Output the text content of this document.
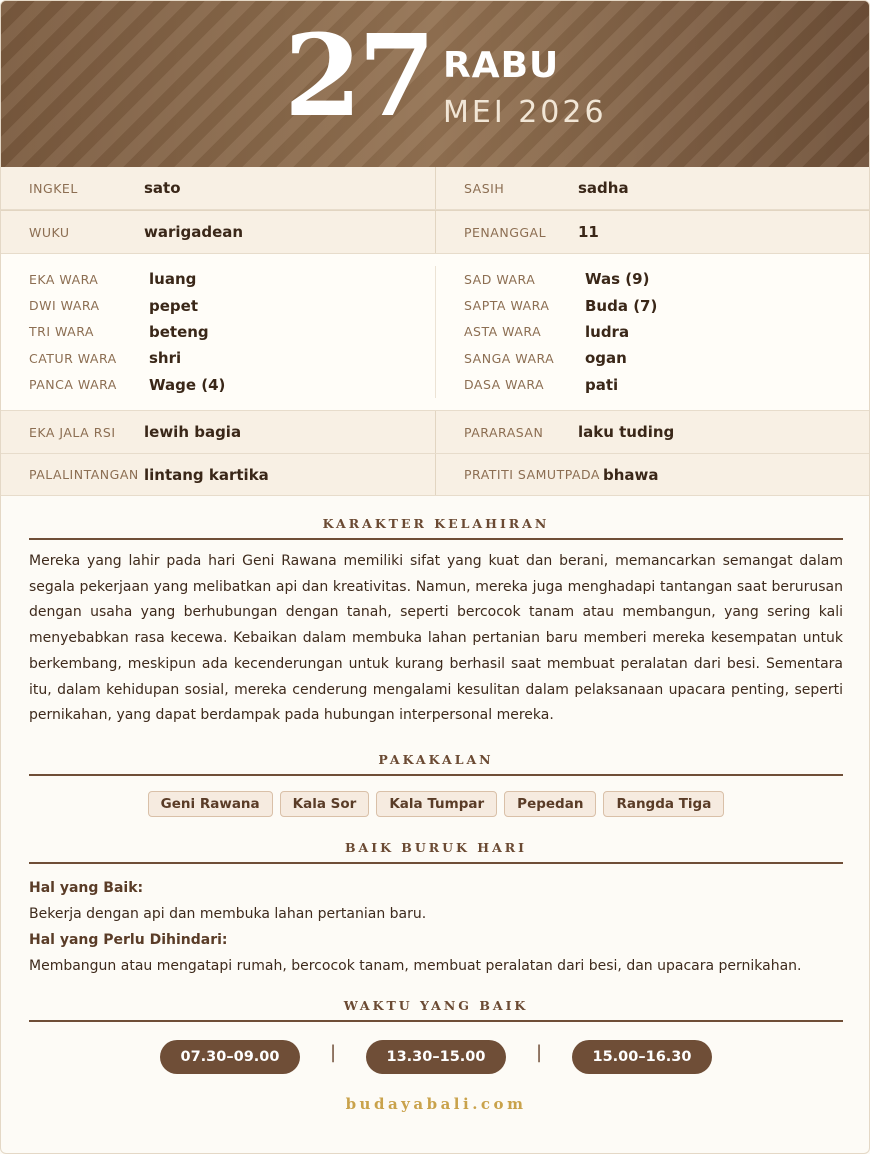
27 RABU
MEI 2026
INGKEL	sato	SASIH	sadha
WUKU	warigadean	PENANGGAL	11
EKA WARA	luang
DWI WARA	pepet
TRI WARA	beteng
CATUR WARA	shri
PANCA WARA	Wage (4)
SAD WARA	Was (9)
SAPTA WARA	Buda (7)
ASTA WARA	ludra
SANGA WARA	ogan
DASA WARA	pati
EKA JALA RSI	lewih bagia	PARARASAN	laku tuding
PALALINTANGAN lintang kartika	PRATITI SAMUTPADA bhawa
KARAKTER KELAHIRAN

Mereka yang lahir pada hari Geni Rawana memiliki sifat yang kuat dan berani, memancarkan semangat dalam segala pekerjaan yang melibatkan api dan kreativitas. Namun, mereka juga menghadapi tantangan saat berurusan dengan usaha yang berhubungan dengan tanah, seperti bercocok tanam atau membangun, yang sering kali menyebabkan rasa kecewa. Kebaikan dalam membuka lahan pertanian baru memberi mereka kesempatan untuk berkembang, meskipun ada kecenderungan untuk kurang berhasil saat membuat peralatan dari besi. Sementara itu, dalam kehidupan sosial, mereka cenderung mengalami kesulitan dalam pelaksanaan upacara penting, seperti pernikahan, yang dapat berdampak pada hubungan interpersonal mereka.

PAKAKALAN
Geni Rawana	Kala Sor	Kala Tumpar	Pepedan	Rangda Tiga
BAIK BURUK HARI
Hal yang Baik:
Bekerja dengan api dan membuka lahan pertanian baru.
Hal yang Perlu Dihindari:
Membangun atau mengatapi rumah, bercocok tanam, membuat peralatan dari besi, dan upacara pernikahan.
WAKTU YANG BAIK
07.30–09.00	|	13.30–15.00	|	15.00–16.30
budayabali.com
